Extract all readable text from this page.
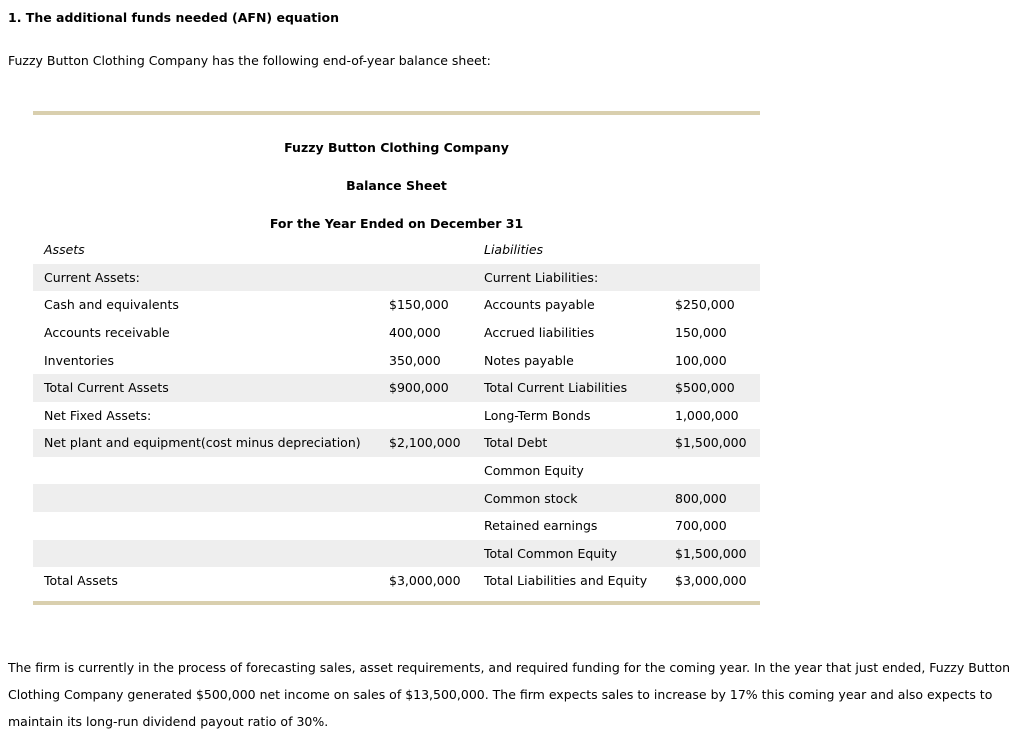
1. The additional funds needed (AFN) equation
Fuzzy Button Clothing Company has the following end-of-year balance sheet:
Fuzzy Button Clothing Company
Balance Sheet
For the Year Ended on December 31
Assets		Liabilities	
Current Assets:		Current Liabilities:	
Cash and equivalents	$150,000	Accounts payable	$250,000
Accounts receivable	400,000	Accrued liabilities	150,000
Inventories	350,000	Notes payable	100,000
Total Current Assets	$900,000	Total Current Liabilities	$500,000
Net Fixed Assets:		Long-Term Bonds	1,000,000
Net plant and equipment(cost minus depreciation)	$2,100,000	Total Debt	$1,500,000
		Common Equity	
		Common stock	800,000
		Retained earnings	700,000
		Total Common Equity	$1,500,000
Total Assets	$3,000,000	Total Liabilities and Equity	$3,000,000
The firm is currently in the process of forecasting sales, asset requirements, and required funding for the coming year. In the year that just ended, Fuzzy Button Clothing Company generated $500,000 net income on sales of $13,500,000. The firm expects sales to increase by 17% this coming year and also expects to maintain its long-run dividend payout ratio of 30%.
